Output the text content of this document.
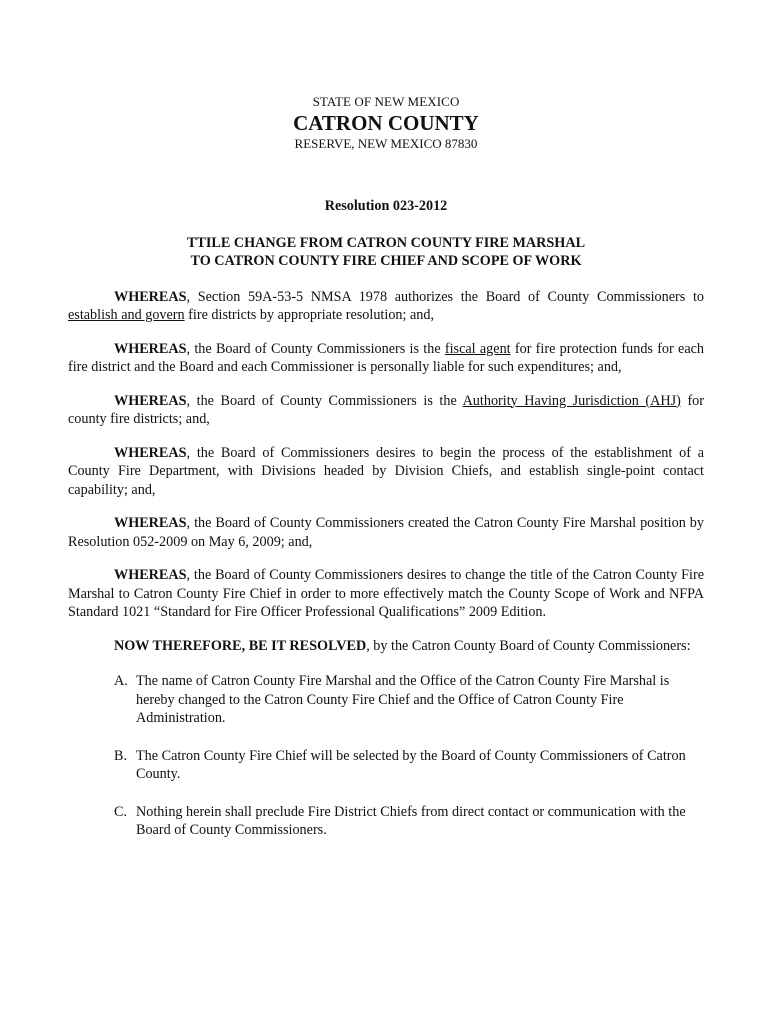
STATE OF NEW MEXICO
CATRON COUNTY
RESERVE, NEW MEXICO 87830
Resolution 023-2012
TTILE CHANGE FROM CATRON COUNTY FIRE MARSHAL
TO CATRON COUNTY FIRE CHIEF AND SCOPE OF WORK

WHEREAS, Section 59A-53-5 NMSA 1978 authorizes the Board of County Commissioners to establish and govern fire districts by appropriate resolution; and,

WHEREAS, the Board of County Commissioners is the fiscal agent for fire protection funds for each fire district and the Board and each Commissioner is personally liable for such expenditures; and,

WHEREAS, the Board of County Commissioners is the Authority Having Jurisdiction (AHJ) for county fire districts; and,

WHEREAS, the Board of Commissioners desires to begin the process of the establishment of a County Fire Department, with Divisions headed by Division Chiefs, and establish single-point contact capability; and,

WHEREAS, the Board of County Commissioners created the Catron County Fire Marshal position by Resolution 052-2009 on May 6, 2009; and,

WHEREAS, the Board of County Commissioners desires to change the title of the Catron County Fire Marshal to Catron County Fire Chief in order to more effectively match the County Scope of Work and NFPA Standard 1021 “Standard for Fire Officer Professional Qualifications” 2009 Edition.

NOW THEREFORE, BE IT RESOLVED, by the Catron County Board of County Commissioners:

A. The name of Catron County Fire Marshal and the Office of the Catron County Fire Marshal is hereby changed to the Catron County Fire Chief and the Office of Catron County Fire Administration.
B. The Catron County Fire Chief will be selected by the Board of County Commissioners of Catron County.
C. Nothing herein shall preclude Fire District Chiefs from direct contact or communication with the Board of County Commissioners.
